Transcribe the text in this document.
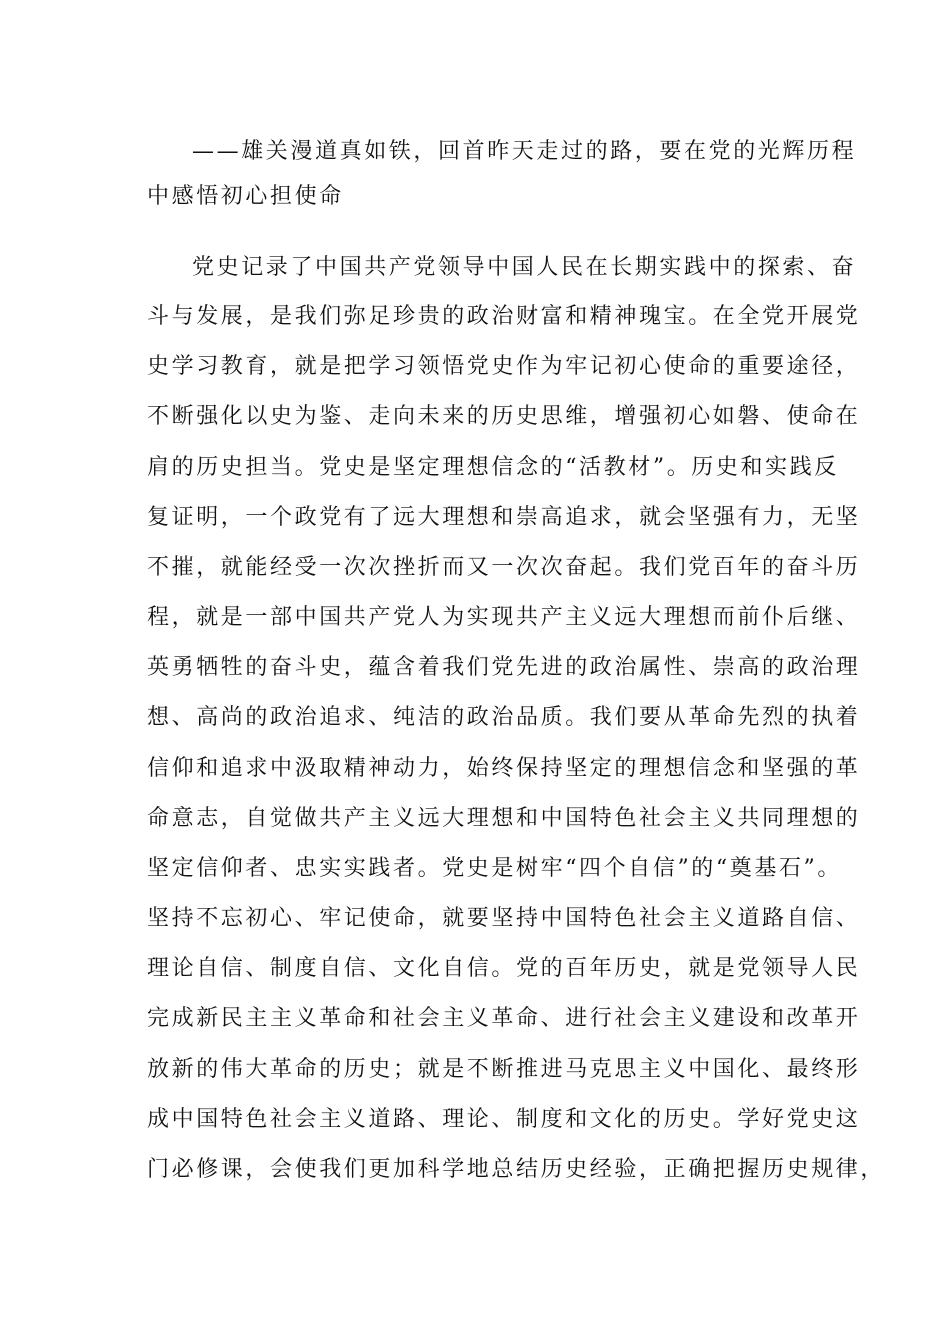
——雄关漫道真如铁，回首昨天走过的路，要在党的光辉历程
中感悟初心担使命
党史记录了中国共产党领导中国人民在长期实践中的探索、奋
斗与发展，是我们弥足珍贵的政治财富和精神瑰宝。在全党开展党
史学习教育，就是把学习领悟党史作为牢记初心使命的重要途径，
不断强化以史为鉴、走向未来的历史思维，增强初心如磐、使命在
肩的历史担当。党史是坚定理想信念的“活教材”。历史和实践反
复证明，一个政党有了远大理想和崇高追求，就会坚强有力，无坚
不摧，就能经受一次次挫折而又一次次奋起。我们党百年的奋斗历
程，就是一部中国共产党人为实现共产主义远大理想而前仆后继、
英勇牺牲的奋斗史，蕴含着我们党先进的政治属性、崇高的政治理
想、高尚的政治追求、纯洁的政治品质。我们要从革命先烈的执着
信仰和追求中汲取精神动力，始终保持坚定的理想信念和坚强的革
命意志，自觉做共产主义远大理想和中国特色社会主义共同理想的
坚定信仰者、忠实实践者。党史是树牢“四个自信”的“奠基石”。
坚持不忘初心、牢记使命，就要坚持中国特色社会主义道路自信、
理论自信、制度自信、文化自信。党的百年历史，就是党领导人民
完成新民主主义革命和社会主义革命、进行社会主义建设和改革开
放新的伟大革命的历史；就是不断推进马克思主义中国化、最终形
成中国特色社会主义道路、理论、制度和文化的历史。学好党史这
门必修课，会使我们更加科学地总结历史经验，正确把握历史规律，
